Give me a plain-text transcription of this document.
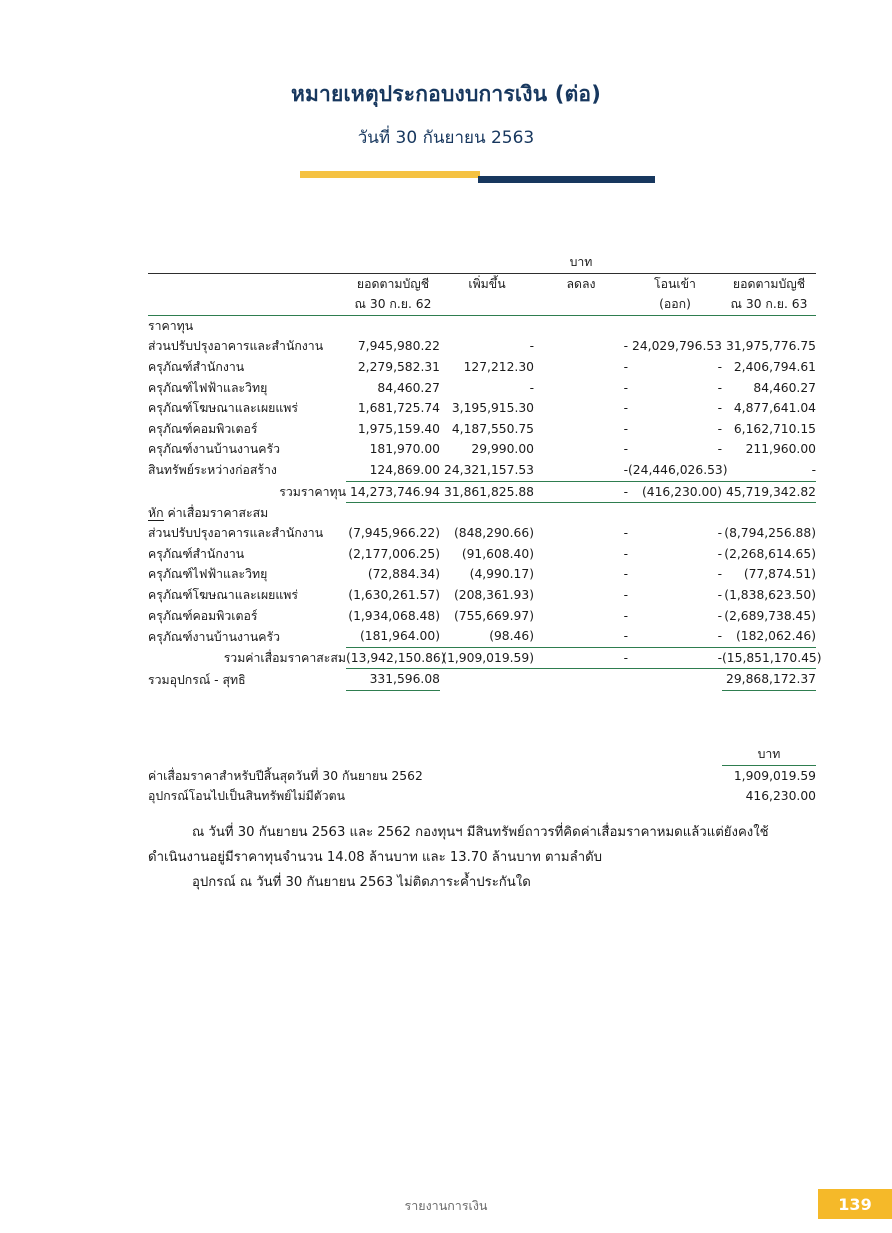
หมายเหตุประกอบงบการเงิน (ต่อ)
วันที่ 30 กันยายน 2563
			บาท		
	ยอดตามบัญชี	เพิ่มขึ้น	ลดลง	โอนเข้า	ยอดตามบัญชี
	ณ 30 ก.ย. 62			(ออก)	ณ 30 ก.ย. 63
ราคาทุน					
ส่วนปรับปรุงอาคารและสำนักงาน	7,945,980.22	-	-	24,029,796.53	31,975,776.75
ครุภัณฑ์สำนักงาน	2,279,582.31	127,212.30	-	-	2,406,794.61
ครุภัณฑ์ไฟฟ้าและวิทยุ	84,460.27	-	-	-	84,460.27
ครุภัณฑ์โฆษณาและเผยแพร่	1,681,725.74	3,195,915.30	-	-	4,877,641.04
ครุภัณฑ์คอมพิวเตอร์	1,975,159.40	4,187,550.75	-	-	6,162,710.15
ครุภัณฑ์งานบ้านงานครัว	181,970.00	29,990.00	-	-	211,960.00
สินทรัพย์ระหว่างก่อสร้าง	124,869.00	24,321,157.53	-	(24,446,026.53)	-
รวมราคาทุน	14,273,746.94	31,861,825.88	-	(416,230.00)	45,719,342.82
หัก ค่าเสื่อมราคาสะสม					
ส่วนปรับปรุงอาคารและสำนักงาน	(7,945,966.22)	(848,290.66)	-	-	(8,794,256.88)
ครุภัณฑ์สำนักงาน	(2,177,006.25)	(91,608.40)	-	-	(2,268,614.65)
ครุภัณฑ์ไฟฟ้าและวิทยุ	(72,884.34)	(4,990.17)	-	-	(77,874.51)
ครุภัณฑ์โฆษณาและเผยแพร่	(1,630,261.57)	(208,361.93)	-	-	(1,838,623.50)
ครุภัณฑ์คอมพิวเตอร์	(1,934,068.48)	(755,669.97)	-	-	(2,689,738.45)
ครุภัณฑ์งานบ้านงานครัว	(181,964.00)	(98.46)	-	-	(182,062.46)
รวมค่าเสื่อมราคาสะสม	(13,942,150.86)	(1,909,019.59)	-	-	(15,851,170.45)
รวมอุปกรณ์ - สุทธิ	331,596.08				29,868,172.37
					บาท
ค่าเสื่อมราคาสำหรับปีสิ้นสุดวันที่ 30 กันยายน 2562					1,909,019.59
อุปกรณ์โอนไปเป็นสินทรัพย์ไม่มีตัวตน					416,230.00

ณ วันที่ 30 กันยายน 2563 และ 2562 กองทุนฯ มีสินทรัพย์ถาวรที่คิดค่าเสื่อมราคาหมดแล้วแต่ยังคงใช้

ดำเนินงานอยู่มีราคาทุนจำนวน 14.08 ล้านบาท และ 13.70 ล้านบาท ตามลำดับ

อุปกรณ์ ณ วันที่ 30 กันยายน 2563 ไม่ติดภาระค้ำประกันใด

รายงานการเงิน	139
